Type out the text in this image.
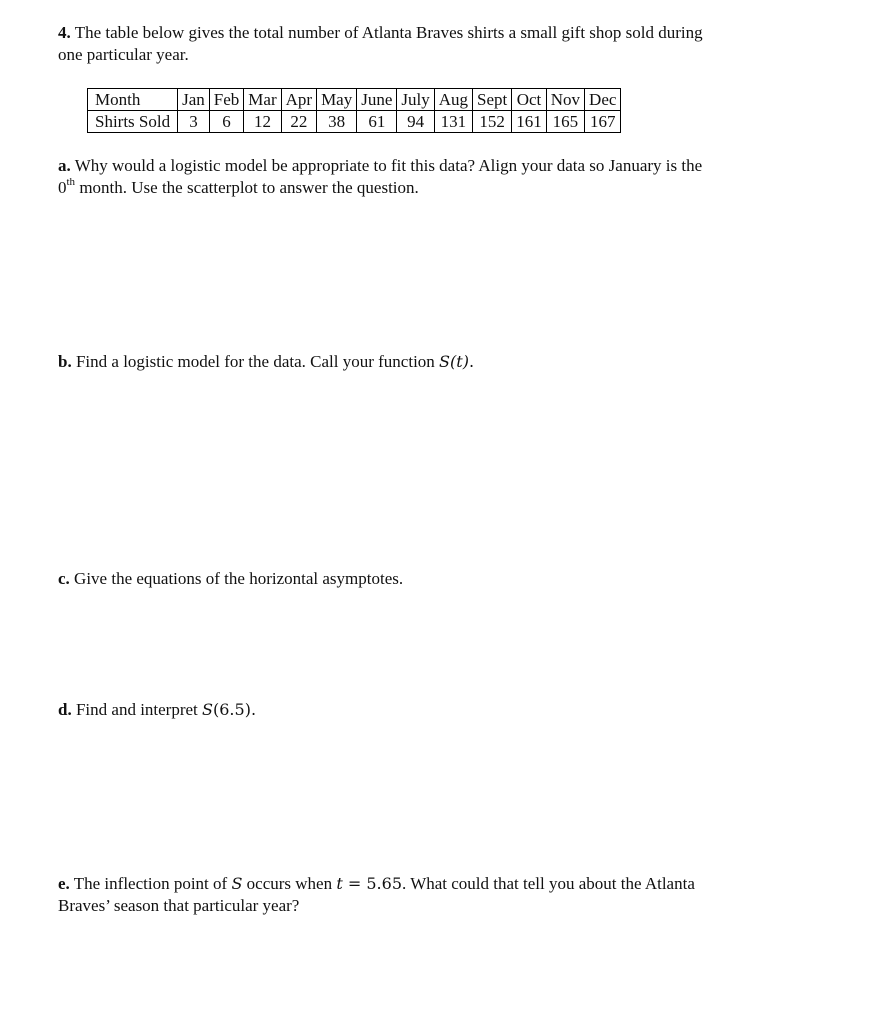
4. The table below gives the total number of Atlanta Braves shirts a small gift shop sold during
one particular year.
Month	Jan	Feb	Mar	Apr	May	June	July	Aug	Sept	Oct	Nov	Dec
Shirts Sold	3	6	12	22	38	61	94	131	152	161	165	167
a. Why would a logistic model be appropriate to fit this data? Align your data so January is the
0th month. Use the scatterplot to answer the question.
b. Find a logistic model for the data. Call your function S(t).
c. Give the equations of the horizontal asymptotes.
d. Find and interpret S(6.5).
e. The inflection point of S occurs when t = 5.65. What could that tell you about the Atlanta
Braves’ season that particular year?
